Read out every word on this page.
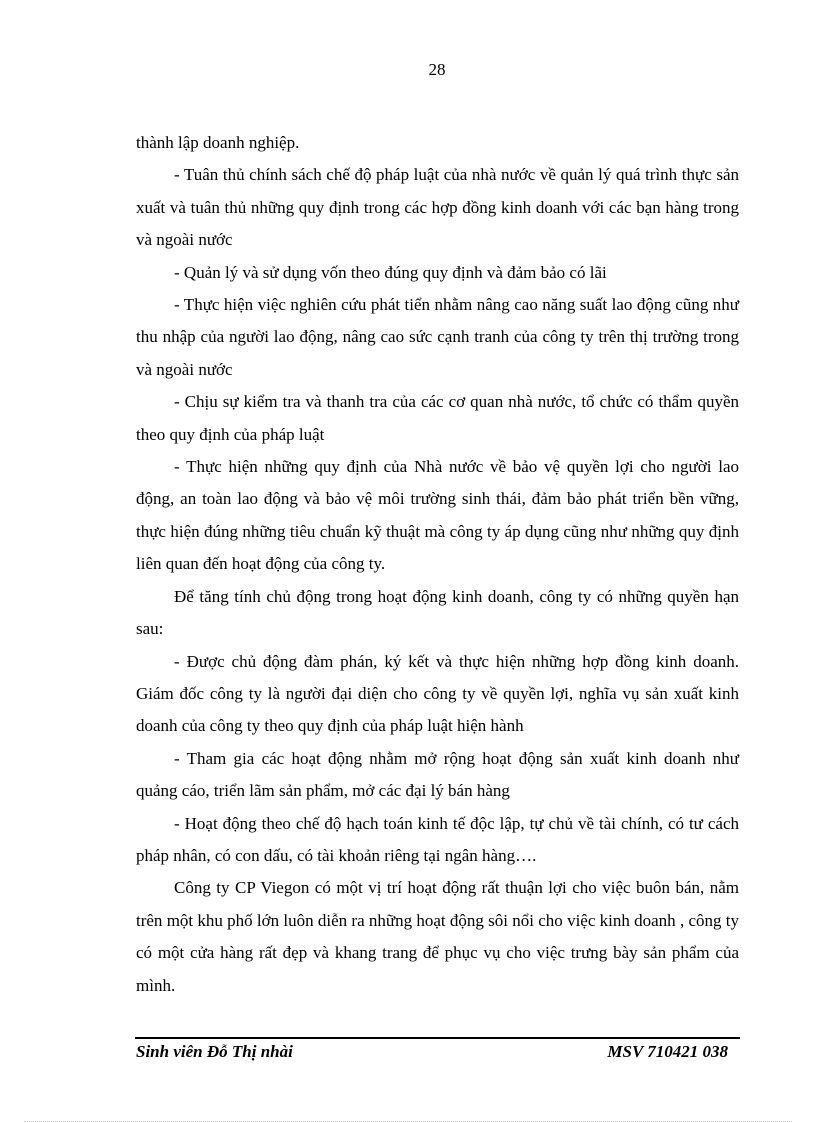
28

thành lập doanh nghiệp.

- Tuân thủ chính sách chế độ pháp luật của nhà nước về quản lý quá trình thực sản xuất và tuân thủ những quy định trong các hợp đồng kinh doanh với các bạn hàng trong và ngoài nước

- Quản lý và sử dụng vốn theo đúng quy định và đảm bảo có lãi

- Thực hiện việc nghiên cứu phát tiển nhằm nâng cao năng suất lao động cũng như thu nhập của người lao động, nâng cao sức cạnh tranh của công ty trên thị trường trong và ngoài nước

- Chịu sự kiểm tra và thanh tra của các cơ quan nhà nước, tổ chức có thẩm quyền theo quy định của pháp luật

- Thực hiện những quy định của Nhà nước về bảo vệ quyền lợi cho người lao động, an toàn lao động và bảo vệ môi trường sinh thái, đảm bảo phát triển bền vững, thực hiện đúng những tiêu chuẩn kỹ thuật mà công ty áp dụng cũng như những quy định liên quan đến hoạt động của công ty.

Để tăng tính chủ động trong hoạt động kinh doanh, công ty có những quyền hạn sau:

- Được chủ động đàm phán, ký kết và thực hiện những hợp đồng kinh doanh. Giám đốc công ty là người đại diện cho công ty về quyền lợi, nghĩa vụ sản xuất kinh doanh của công ty theo quy định của pháp luật hiện hành

- Tham gia các hoạt động nhằm mở rộng hoạt động sản xuất kinh doanh như quảng cáo, triển lãm sản phẩm, mở các đại lý bán hàng

- Hoạt động theo chế độ hạch toán kinh tế độc lập, tự chủ về tài chính, có tư cách pháp nhân, có con dấu, có tài khoản riêng tại ngân hàng….

Công ty CP Viegon có một vị trí hoạt động rất thuận lợi cho việc buôn bán, nằm trên một khu phố lớn luôn diễn ra những hoạt động sôi nổi cho việc kinh doanh , công ty có một cửa hàng rất đẹp và khang trang để phục vụ cho việc trưng bày sản phẩm của mình.

Sinh viên Đỗ Thị nhài	MSV 710421 038
